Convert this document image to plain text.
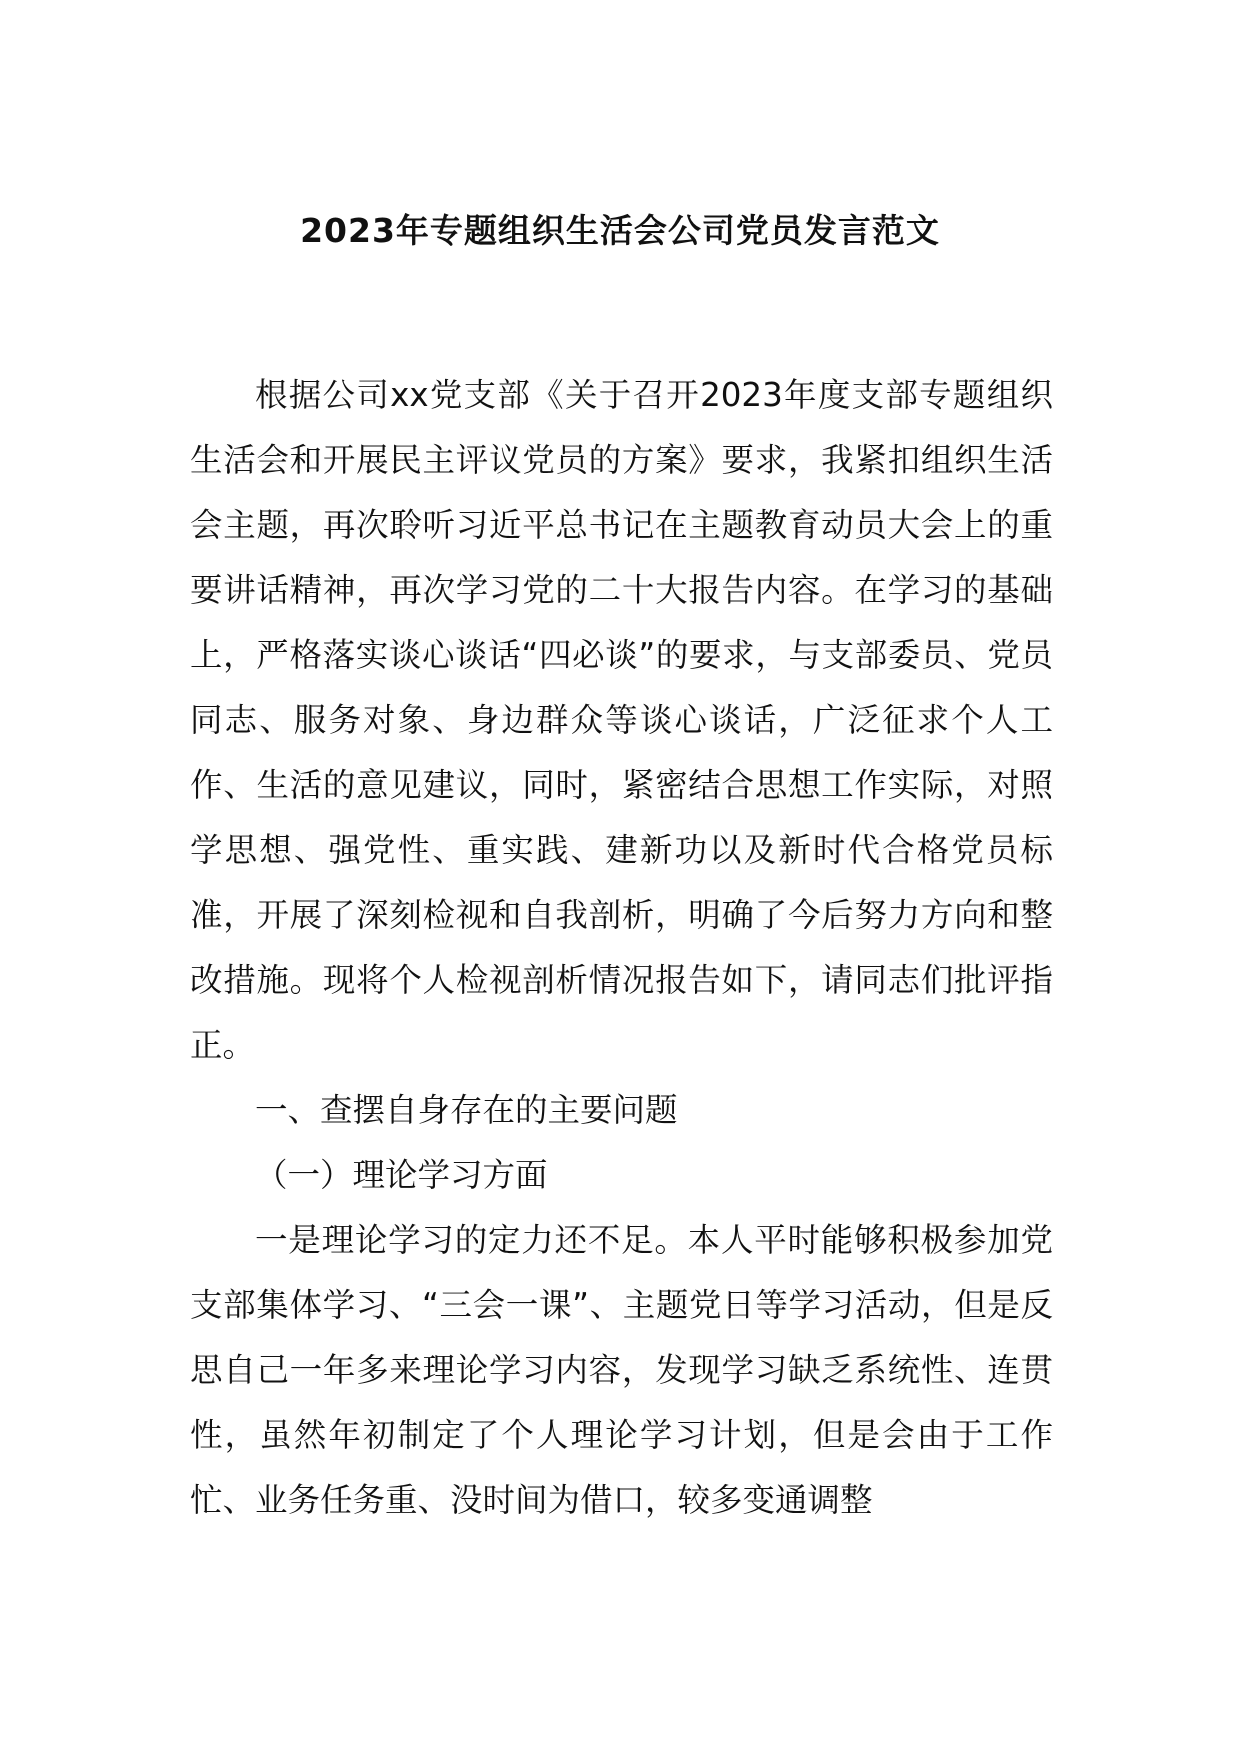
2023年专题组织生活会公司党员发言范文

根据公司xx党支部《关于召开2023年度支部专题组织生活会和开展民主评议党员的方案》要求，我紧扣组织生活会主题，再次聆听习近平总书记在主题教育动员大会上的重要讲话精神，再次学习党的二十大报告内容。在学习的基础上，严格落实谈心谈话“四必谈”的要求，与支部委员、党员同志、服务对象、身边群众等谈心谈话，广泛征求个人工作、生活的意见建议，同时，紧密结合思想工作实际，对照学思想、强党性、重实践、建新功以及新时代合格党员标准，开展了深刻检视和自我剖析，明确了今后努力方向和整改措施。现将个人检视剖析情况报告如下，请同志们批评指正。

一、查摆自身存在的主要问题

（一）理论学习方面

一是理论学习的定力还不足。本人平时能够积极参加党支部集体学习、“三会一课”、主题党日等学习活动，但是反思自己一年多来理论学习内容，发现学习缺乏系统性、连贯性，虽然年初制定了个人理论学习计划，但是会由于工作忙、业务任务重、没时间为借口，较多变通调整
